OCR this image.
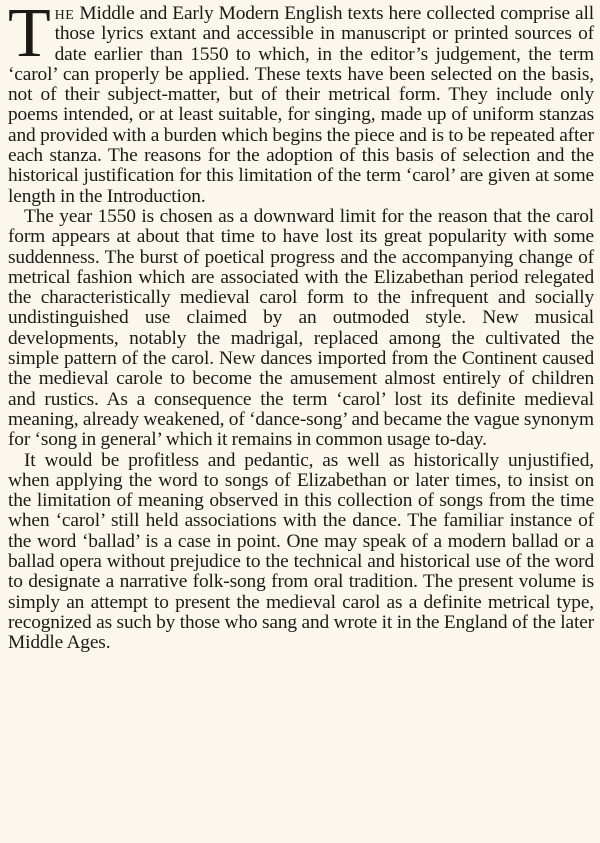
The Middle and Early Modern English texts here collected comprise all those lyrics extant and accessible in manuscript or printed sources of date earlier than 1550 to which, in the editor’s judgement, the term ‘carol’ can properly be applied. These texts have been selected on the basis, not of their subject-matter, but of their metrical form. They include only poems intended, or at least suitable, for singing, made up of uniform stanzas and provided with a burden which begins the piece and is to be repeated after each stanza. The reasons for the adoption of this basis of selection and the historical justification for this limitation of the term ‘carol’ are given at some length in the Introduction.

The year 1550 is chosen as a downward limit for the reason that the carol form appears at about that time to have lost its great popularity with some suddenness. The burst of poetical progress and the accompanying change of metrical fashion which are associated with the Elizabethan period relegated the characteristically medieval carol form to the infrequent and socially undistinguished use claimed by an outmoded style. New musical developments, notably the madrigal, replaced among the cultivated the simple pattern of the carol. New dances imported from the Continent caused the medieval carole to become the amusement almost entirely of children and rustics. As a consequence the term ‘carol’ lost its definite medieval meaning, already weakened, of ‘dance-song’ and became the vague synonym for ‘song in general’ which it remains in common usage to-day.

It would be profitless and pedantic, as well as historically unjustified, when applying the word to songs of Elizabethan or later times, to insist on the limitation of meaning observed in this collection of songs from the time when ‘carol’ still held associations with the dance. The familiar instance of the word ‘ballad’ is a case in point. One may speak of a modern ballad or a ballad opera without prejudice to the technical and historical use of the word to designate a narrative folk-song from oral tradition. The present volume is simply an attempt to present the medieval carol as a definite metrical type, recognized as such by those who sang and wrote it in the England of the later Middle Ages.
